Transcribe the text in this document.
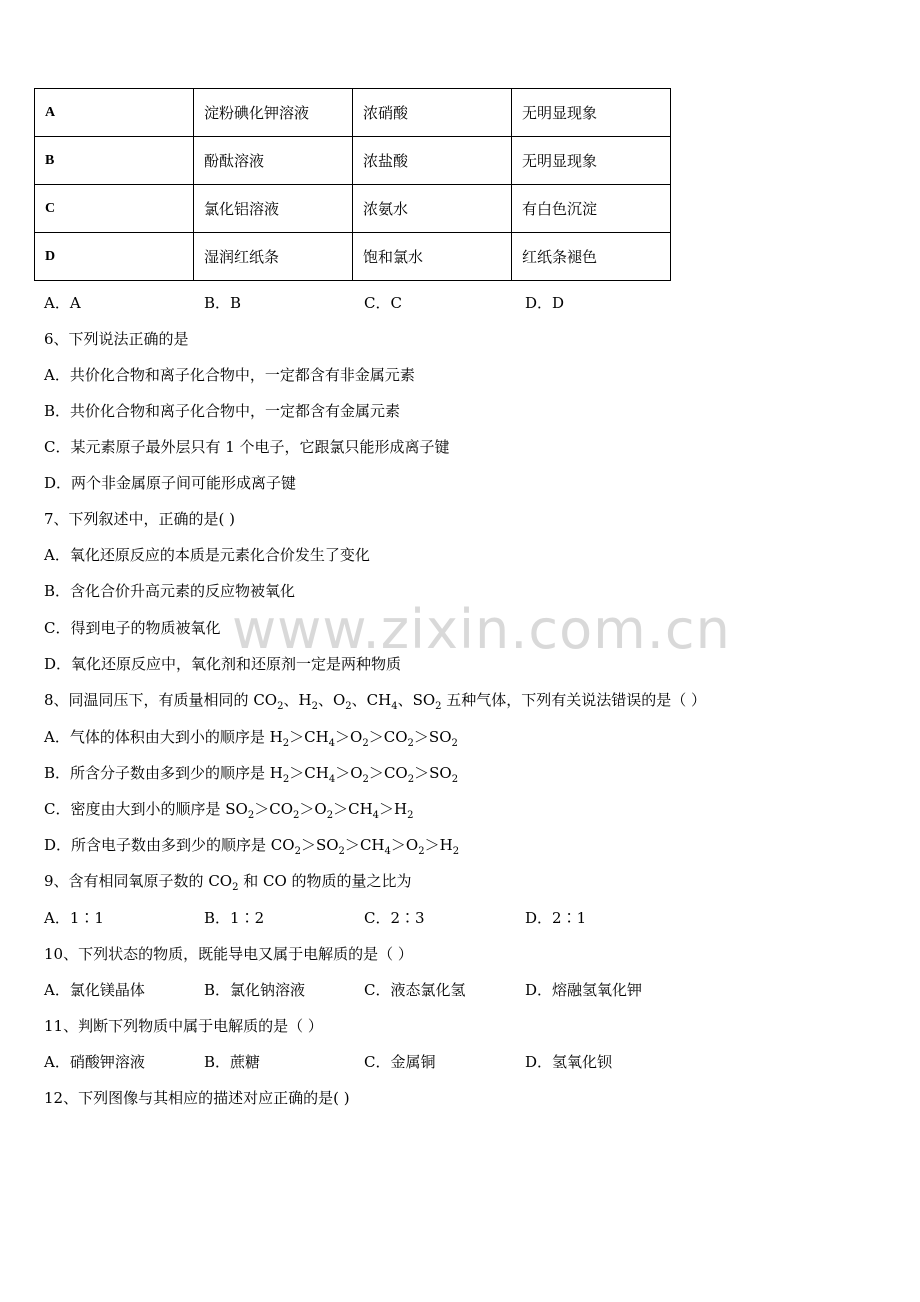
A	淀粉碘化钾溶液	浓硝酸	无明显现象
B	酚酞溶液	浓盐酸	无明显现象
C	氯化铝溶液	浓氨水	有白色沉淀
D	湿润红纸条	饱和氯水	红纸条褪色
A．A	B．B	C．C	D．D
6、下列说法正确的是
A．共价化合物和离子化合物中，一定都含有非金属元素
B．共价化合物和离子化合物中，一定都含有金属元素
C．某元素原子最外层只有 1 个电子，它跟氯只能形成离子键
D．两个非金属原子间可能形成离子键
7、下列叙述中，正确的是( )
A．氧化还原反应的本质是元素化合价发生了变化
B．含化合价升高元素的反应物被氧化
C．得到电子的物质被氧化
D．氧化还原反应中，氧化剂和还原剂一定是两种物质
8、同温同压下，有质量相同的 $CO_2$、$H_2$、$O_2$、$CH_4$、$SO_2$ 五种气体，下列有关说法错误的是（ ）
A．气体的体积由大到小的顺序是 $H_2>CH_4>O_2>CO_2>SO_2$
B．所含分子数由多到少的顺序是 $H_2>CH_4>O_2>CO_2>SO_2$
C．密度由大到小的顺序是 $SO_2>CO_2>O_2>CH_4>H_2$
D．所含电子数由多到少的顺序是 $CO_2>SO_2>CH_4>O_2>H_2$
9、含有相同氧原子数的 $CO_2$ 和 CO 的物质的量之比为
A．1∶1	B．1∶2	C．2∶3	D．2∶1
10、下列状态的物质，既能导电又属于电解质的是（ ）
A．氯化镁晶体	B．氯化钠溶液	C．液态氯化氢	D．熔融氢氧化钾
11、判断下列物质中属于电解质的是（ ）
A．硝酸钾溶液	B．蔗糖	C．金属铜	D．氢氧化钡
12、下列图像与其相应的描述对应正确的是( )
www.zixin.com.cn
